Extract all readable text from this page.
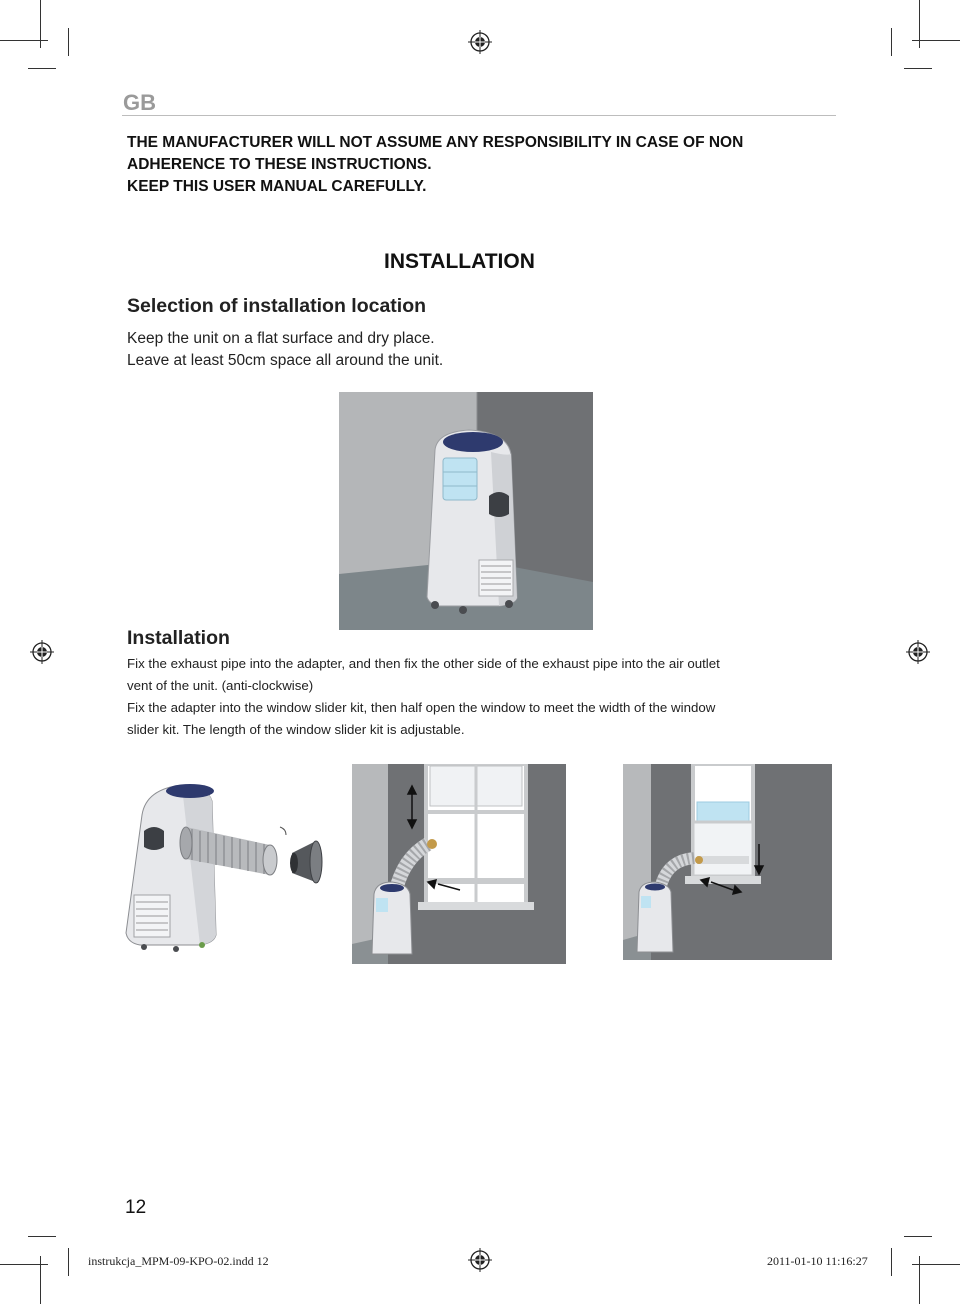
GB
THE MANUFACTURER WILL NOT ASSUME ANY RESPONSIBILITY IN CASE OF NON
ADHERENCE TO THESE INSTRUCTIONS.
KEEP THIS USER MANUAL CAREFULLY.
INSTALLATION
Selection of installation location
Keep the unit on a flat surface and dry place.
Leave at least 50cm space all around the unit.
Installation
Fix the exhaust pipe into the adapter, and then fix the other side of the exhaust pipe into the air outlet
vent of the unit. (anti-clockwise)
Fix the adapter into the window slider kit, then half open the window to meet the width of the window
slider kit. The length of the window slider kit is adjustable.
12
instrukcja_MPM-09-KPO-02.indd 12	2011-01-10 11:16:27
